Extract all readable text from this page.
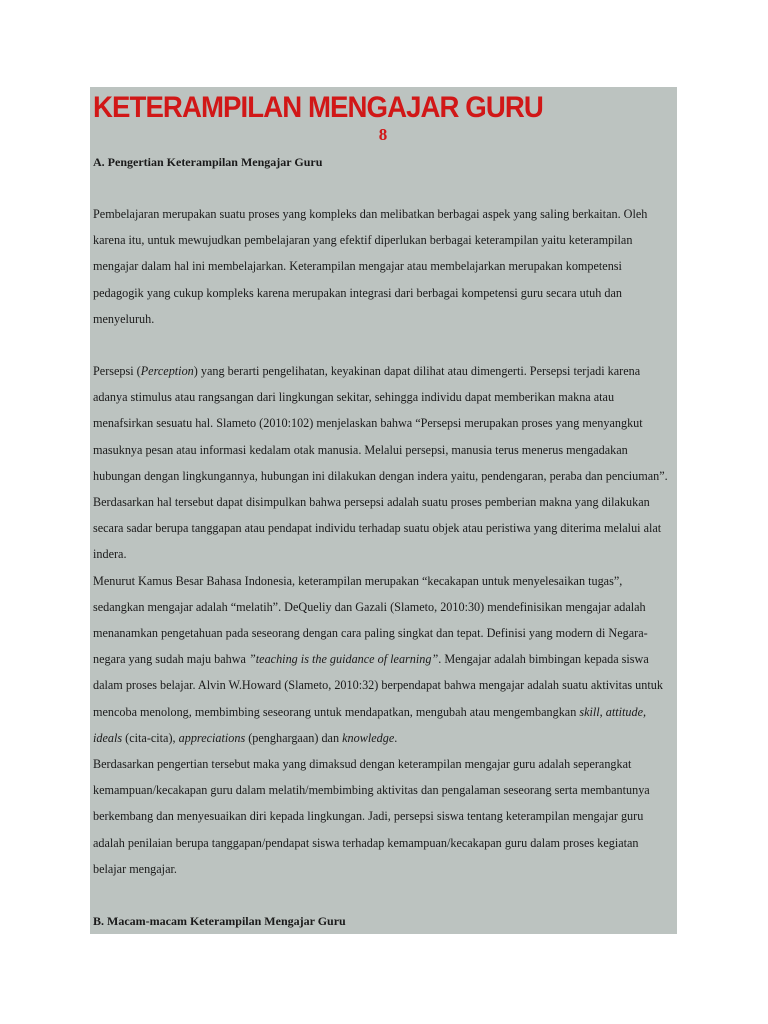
KETERAMPILAN MENGAJAR GURU
8

A. Pengertian Keterampilan Mengajar Guru

Pembelajaran merupakan suatu proses yang kompleks dan melibatkan berbagai aspek yang saling berkaitan. Oleh karena itu, untuk mewujudkan pembelajaran yang efektif diperlukan berbagai keterampilan yaitu keterampilan mengajar dalam hal ini membelajarkan. Keterampilan mengajar atau membelajarkan merupakan kompetensi pedagogik yang cukup kompleks karena merupakan integrasi dari berbagai kompetensi guru secara utuh dan menyeluruh.

Persepsi (Perception) yang berarti pengelihatan, keyakinan dapat dilihat atau dimengerti. Persepsi terjadi karena adanya stimulus atau rangsangan dari lingkungan sekitar, sehingga individu dapat memberikan makna atau menafsirkan sesuatu hal. Slameto (2010:102) menjelaskan bahwa “Persepsi merupakan proses yang menyangkut masuknya pesan atau informasi kedalam otak manusia. Melalui persepsi, manusia terus menerus mengadakan hubungan dengan lingkungannya, hubungan ini dilakukan dengan indera yaitu, pendengaran, peraba dan penciuman”. Berdasarkan hal tersebut dapat disimpulkan bahwa persepsi adalah suatu proses pemberian makna yang dilakukan secara sadar berupa tanggapan atau pendapat individu terhadap suatu objek atau peristiwa yang diterima melalui alat indera.

Menurut Kamus Besar Bahasa Indonesia, keterampilan merupakan “kecakapan untuk menyelesaikan tugas”, sedangkan mengajar adalah “melatih”. DeQueliy dan Gazali (Slameto, 2010:30) mendefinisikan mengajar adalah menanamkan pengetahuan pada seseorang dengan cara paling singkat dan tepat. Definisi yang modern di Negara-negara yang sudah maju bahwa ”teaching is the guidance of learning”. Mengajar adalah bimbingan kepada siswa dalam proses belajar. Alvin W.Howard (Slameto, 2010:32) berpendapat bahwa mengajar adalah suatu aktivitas untuk mencoba menolong, membimbing seseorang untuk mendapatkan, mengubah atau mengembangkan skill, attitude, ideals (cita-cita), appreciations (penghargaan) dan knowledge.

Berdasarkan pengertian tersebut maka yang dimaksud dengan keterampilan mengajar guru adalah seperangkat kemampuan/kecakapan guru dalam melatih/membimbing aktivitas dan pengalaman seseorang serta membantunya berkembang dan menyesuaikan diri kepada lingkungan. Jadi, persepsi siswa tentang keterampilan mengajar guru adalah penilaian berupa tanggapan/pendapat siswa terhadap kemampuan/kecakapan guru dalam proses kegiatan belajar mengajar.

B. Macam-macam Keterampilan Mengajar Guru
